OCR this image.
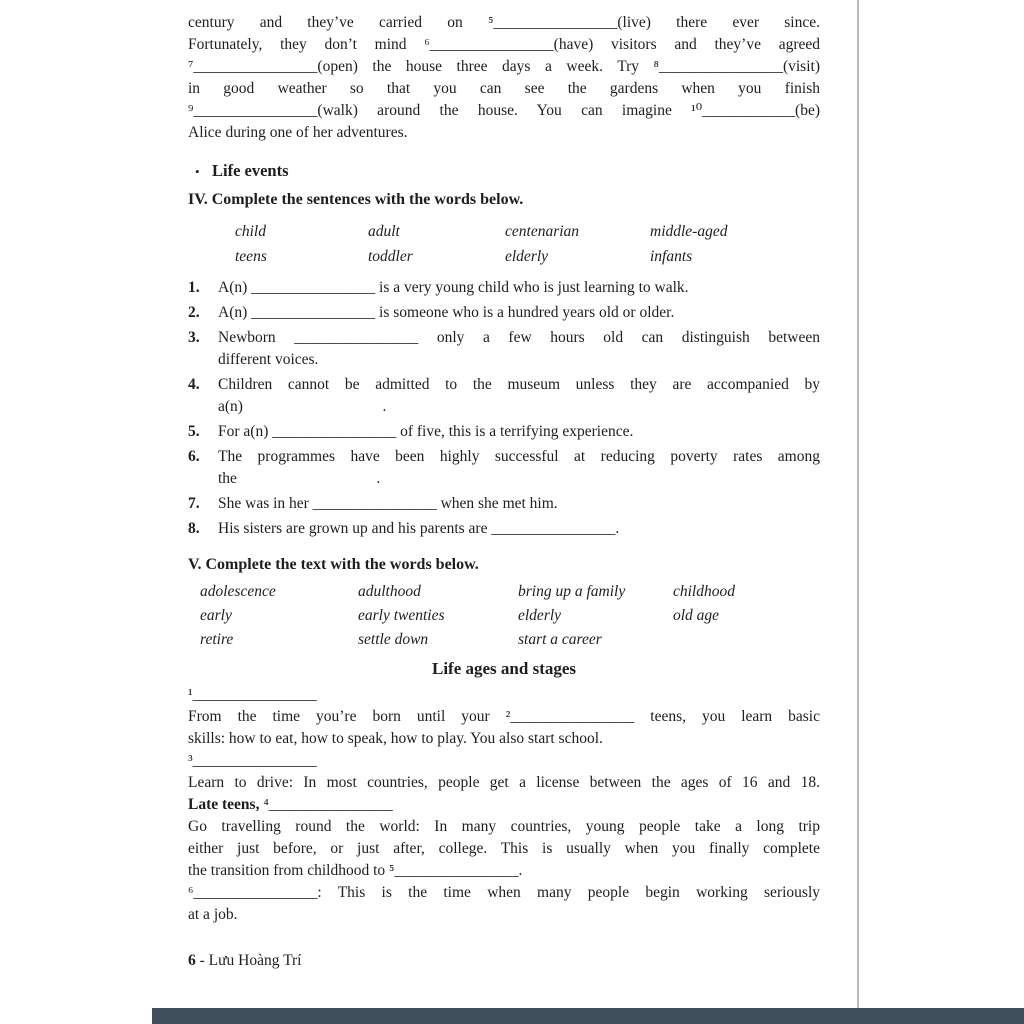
century and they’ve carried on ⁵________________(live) there ever since.
Fortunately, they don’t mind ⁶________________(have) visitors and they’ve agreed
⁷________________(open) the house three days a week. Try ⁸________________(visit)
in good weather so that you can see the gardens when you finish
⁹________________(walk) around the house. You can imagine ¹⁰____________(be)
Alice during one of her adventures.
• Life events
IV. Complete the sentences with the words below.
child	adult	centenarian	middle-aged
teens	toddler	elderly	infants
1.	A(n) ________________ is a very young child who is just learning to walk.
2.	A(n) ________________ is someone who is a hundred years old or older.
3.	Newborn ________________ only a few hours old can distinguish between
different voices.
4.	Children cannot be admitted to the museum unless they are accompanied by
a(n)         .
5.	For a(n) ________________ of five, this is a terrifying experience.
6.	The programmes have been highly successful at reducing poverty rates among
the         .
7.	She was in her ________________ when she met him.
8.	His sisters are grown up and his parents are ________________.
V. Complete the text with the words below.
adolescence	adulthood	bring up a family	childhood
early	early twenties	elderly	old age
retire	settle down	start a career
Life ages and stages
¹________________
From the time you’re born until your ²________________ teens, you learn basic
skills: how to eat, how to speak, how to play. You also start school.
³________________
Learn to drive: In most countries, people get a license between the ages of 16 and 18.
Late teens, ⁴________________
Go travelling round the world: In many countries, young people take a long trip
either just before, or just after, college. This is usually when you finally complete
the transition from childhood to ⁵________________.
⁶________________: This is the time when many people begin working seriously
at a job.
6 - Lưu Hoàng Trí
